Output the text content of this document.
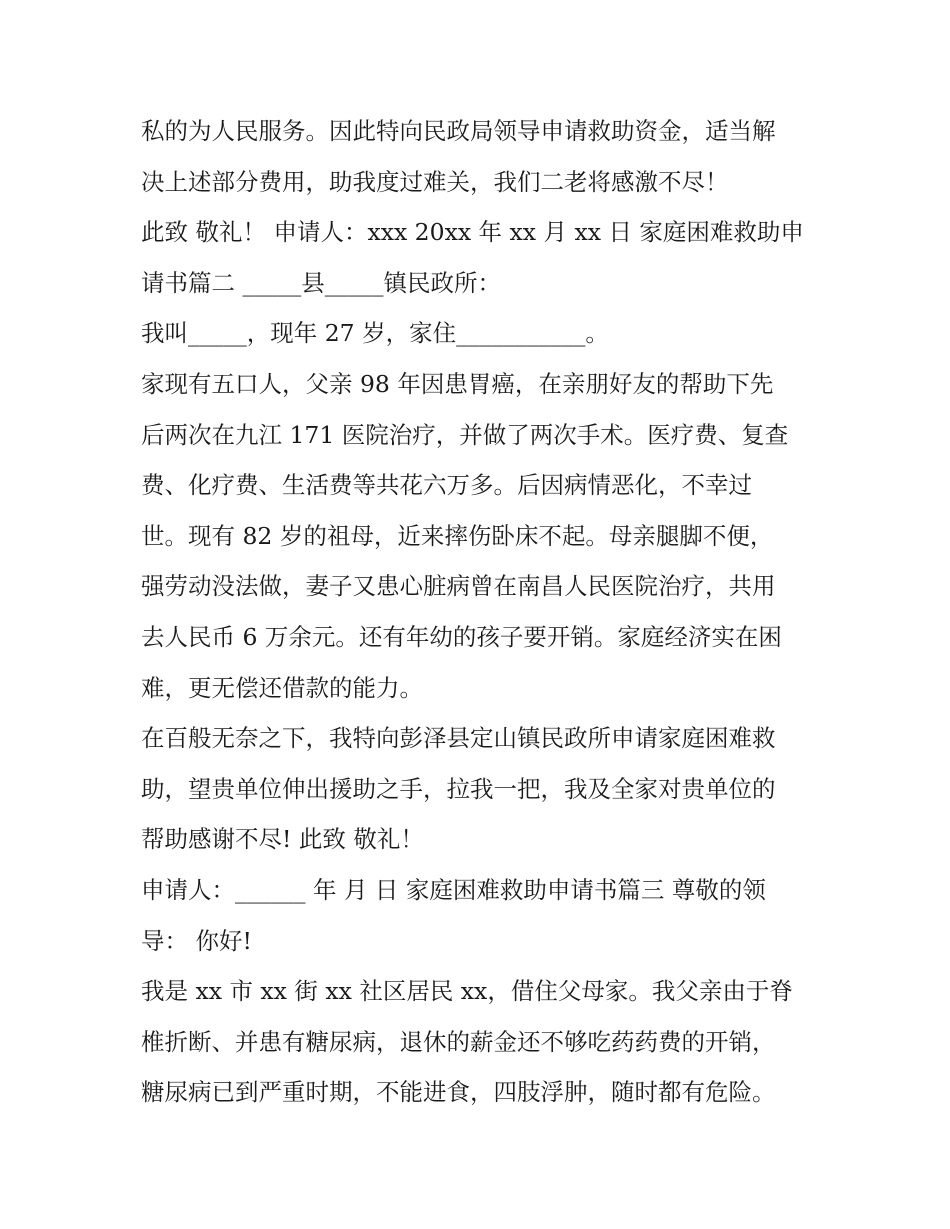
私的为人民服务。因此特向民政局领导申请救助资金，适当解
决上述部分费用，助我度过难关，我们二老将感激不尽！
此致 敬礼！ 申请人：xxx 20xx 年 xx 月 xx 日 家庭困难救助申
请书篇二 _____县_____镇民政所：
我叫_____，现年 27 岁，家住___________。
家现有五口人，父亲 98 年因患胃癌，在亲朋好友的帮助下先
后两次在九江 171 医院治疗，并做了两次手术。医疗费、复查
费、化疗费、生活费等共花六万多。后因病情恶化，不幸过
世。现有 82 岁的祖母，近来摔伤卧床不起。母亲腿脚不便，
强劳动没法做，妻子又患心脏病曾在南昌人民医院治疗，共用
去人民币 6 万余元。还有年幼的孩子要开销。家庭经济实在困
难，更无偿还借款的能力。
在百般无奈之下，我特向彭泽县定山镇民政所申请家庭困难救
助，望贵单位伸出援助之手，拉我一把，我及全家对贵单位的
帮助感谢不尽! 此致 敬礼！
申请人：______ 年 月 日 家庭困难救助申请书篇三 尊敬的领
导： 你好!
我是 xx 市 xx 街 xx 社区居民 xx，借住父母家。我父亲由于脊
椎折断、并患有糖尿病，退休的薪金还不够吃药药费的开销，
糖尿病已到严重时期，不能进食，四肢浮肿，随时都有危险。
